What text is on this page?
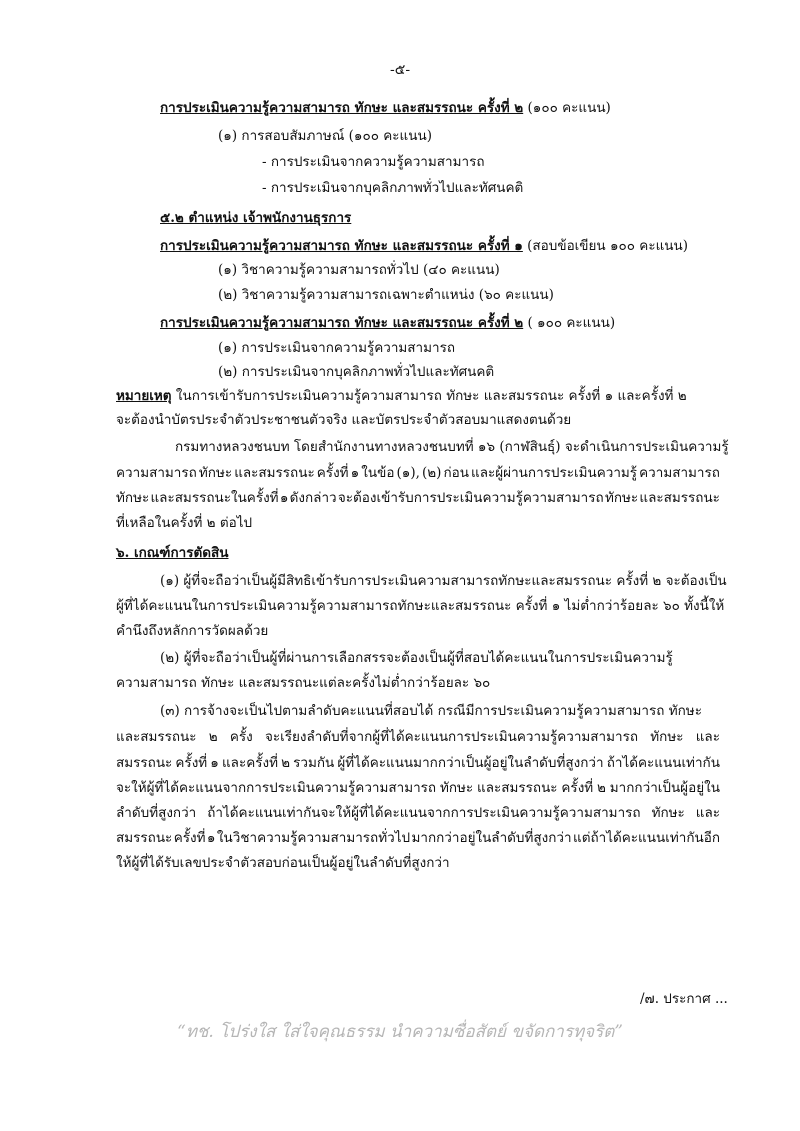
-๕-
การประเมินความรู้ความสามารถ ทักษะ และสมรรถนะ ครั้งที่ ๒ (๑๐๐ คะแนน)
(๑) การสอบสัมภาษณ์ (๑๐๐ คะแนน)
- การประเมินจากความรู้ความสามารถ
- การประเมินจากบุคลิกภาพทั่วไปและทัศนคติ
๕.๒ ตำแหน่ง เจ้าพนักงานธุรการ
การประเมินความรู้ความสามารถ ทักษะ และสมรรถนะ ครั้งที่ ๑ (สอบข้อเขียน ๑๐๐ คะแนน)
(๑) วิชาความรู้ความสามารถทั่วไป (๔๐ คะแนน)
(๒) วิชาความรู้ความสามารถเฉพาะตำแหน่ง (๖๐ คะแนน)
การประเมินความรู้ความสามารถ ทักษะ และสมรรถนะ ครั้งที่ ๒ ( ๑๐๐ คะแนน)
(๑) การประเมินจากความรู้ความสามารถ
(๒) การประเมินจากบุคลิกภาพทั่วไปและทัศนคติ
หมายเหตุ ในการเข้ารับการประเมินความรู้ความสามารถ ทักษะ และสมรรถนะ ครั้งที่ ๑ และครั้งที่ ๒
จะต้องนำบัตรประจำตัวประชาชนตัวจริง และบัตรประจำตัวสอบมาแสดงตนด้วย
กรมทางหลวงชนบท โดยสำนักงานทางหลวงชนบทที่ ๑๖ (กาฬสินธุ์) จะดำเนินการประเมินความรู้
ความสามารถ ทักษะ และสมรรถนะ ครั้งที่ ๑ ในข้อ (๑), (๒) ก่อน และผู้ผ่านการประเมินความรู้ ความสามารถ
ทักษะ และสมรรถนะในครั้งที่ ๑ ดังกล่าว จะต้องเข้ารับการประเมินความรู้ความสามารถ ทักษะ และสมรรถนะ
ที่เหลือในครั้งที่ ๒ ต่อไป
๖. เกณฑ์การตัดสิน
(๑) ผู้ที่จะถือว่าเป็นผู้มีสิทธิเข้ารับการประเมินความสามารถทักษะและสมรรถนะ ครั้งที่ ๒ จะต้องเป็น
ผู้ที่ได้คะแนนในการประเมินความรู้ความสามารถทักษะและสมรรถนะ ครั้งที่ ๑ ไม่ต่ำกว่าร้อยละ ๖๐ ทั้งนี้ให้
คำนึงถึงหลักการวัดผลด้วย
(๒) ผู้ที่จะถือว่าเป็นผู้ที่ผ่านการเลือกสรรจะต้องเป็นผู้ที่สอบได้คะแนนในการประเมินความรู้
ความสามารถ ทักษะ และสมรรถนะแต่ละครั้งไม่ต่ำกว่าร้อยละ ๖๐
(๓) การจ้างจะเป็นไปตามลำดับคะแนนที่สอบได้ กรณีมีการประเมินความรู้ความสามารถ ทักษะ
และสมรรถนะ ๒ ครั้ง จะเรียงลำดับที่จากผู้ที่ได้คะแนนการประเมินความรู้ความสามารถ ทักษะ และ
สมรรถนะ ครั้งที่ ๑ และครั้งที่ ๒ รวมกัน ผู้ที่ได้คะแนนมากกว่าเป็นผู้อยู่ในลำดับที่สูงกว่า ถ้าได้คะแนนเท่ากัน
จะให้ผู้ที่ได้คะแนนจากการประเมินความรู้ความสามารถ ทักษะ และสมรรถนะ ครั้งที่ ๒ มากกว่าเป็นผู้อยู่ใน
ลำดับที่สูงกว่า ถ้าได้คะแนนเท่ากันจะให้ผู้ที่ได้คะแนนจากการประเมินความรู้ความสามารถ ทักษะ และ
สมรรถนะ ครั้งที่ ๑ ในวิชาความรู้ความสามารถทั่วไป มากกว่าอยู่ในลำดับที่สูงกว่า แต่ถ้าได้คะแนนเท่ากันอีก
ให้ผู้ที่ได้รับเลขประจำตัวสอบก่อนเป็นผู้อยู่ในลำดับที่สูงกว่า
/๗. ประกาศ ...
“ทช. โปร่งใส ใส่ใจคุณธรรม นำความซื่อสัตย์ ขจัดการทุจริต”
